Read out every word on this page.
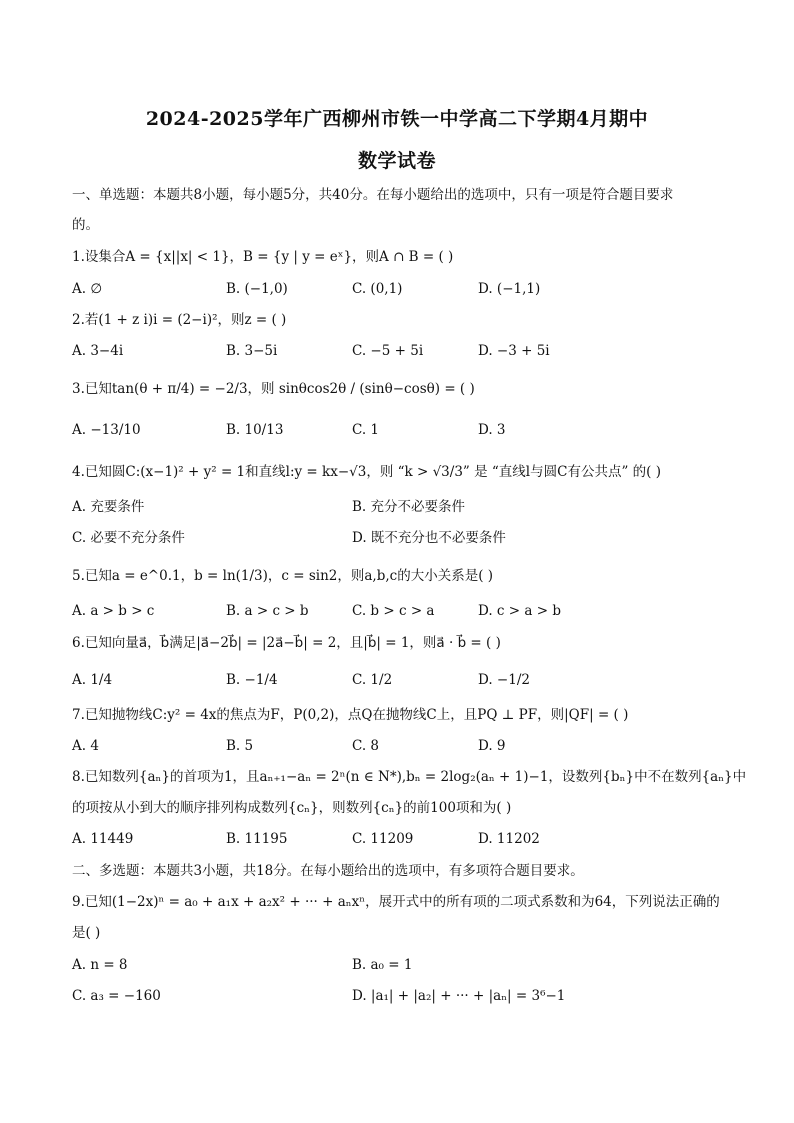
2024-2025学年广西柳州市铁一中学高二下学期4月期中
数学试卷
一、单选题：本题共8小题，每小题5分，共40分。在每小题给出的选项中，只有一项是符合题目要求
的。
1.设集合A = {x||x| < 1}，B = {y | y = eˣ}，则A ∩ B = ( )
A. ∅	B. (−1,0)	C. (0,1)	D. (−1,1)
2.若(1 + z i)i = (2−i)²，则z = ( )
A. 3−4i	B. 3−5i	C. −5 + 5i	D. −3 + 5i
3.已知tan(θ + π/4) = −2/3，则 sinθcos2θ / (sinθ−cosθ) = ( )
A. −13/10	B. 10/13	C. 1	D. 3
4.已知圆C:(x−1)² + y² = 1和直线l:y = kx−√3，则 “k > √3/3” 是 “直线l与圆C有公共点” 的( )
A. 充要条件	B. 充分不必要条件
C. 必要不充分条件	D. 既不充分也不必要条件
5.已知a = e^0.1，b = ln(1/3)，c = sin2，则a,b,c的大小关系是( )
A. a > b > c	B. a > c > b	C. b > c > a	D. c > a > b
6.已知向量a⃗，b⃗满足|a⃗−2b⃗| = |2a⃗−b⃗| = 2，且|b⃗| = 1，则a⃗ · b⃗ = ( )
A. 1/4	B. −1/4	C. 1/2	D. −1/2
7.已知抛物线C:y² = 4x的焦点为F，P(0,2)，点Q在抛物线C上，且PQ ⊥ PF，则|QF| = ( )
A. 4	B. 5	C. 8	D. 9
8.已知数列{aₙ}的首项为1，且aₙ₊₁−aₙ = 2ⁿ(n ∈ N*),bₙ = 2log₂(aₙ + 1)−1，设数列{bₙ}中不在数列{aₙ}中
的项按从小到大的顺序排列构成数列{cₙ}，则数列{cₙ}的前100项和为( )
A. 11449	B. 11195	C. 11209	D. 11202
二、多选题：本题共3小题，共18分。在每小题给出的选项中，有多项符合题目要求。
9.已知(1−2x)ⁿ = a₀ + a₁x + a₂x² + ··· + aₙxⁿ，展开式中的所有项的二项式系数和为64，下列说法正确的
是( )
A. n = 8	B. a₀ = 1
C. a₃ = −160	D. |a₁| + |a₂| + ··· + |aₙ| = 3⁶−1
